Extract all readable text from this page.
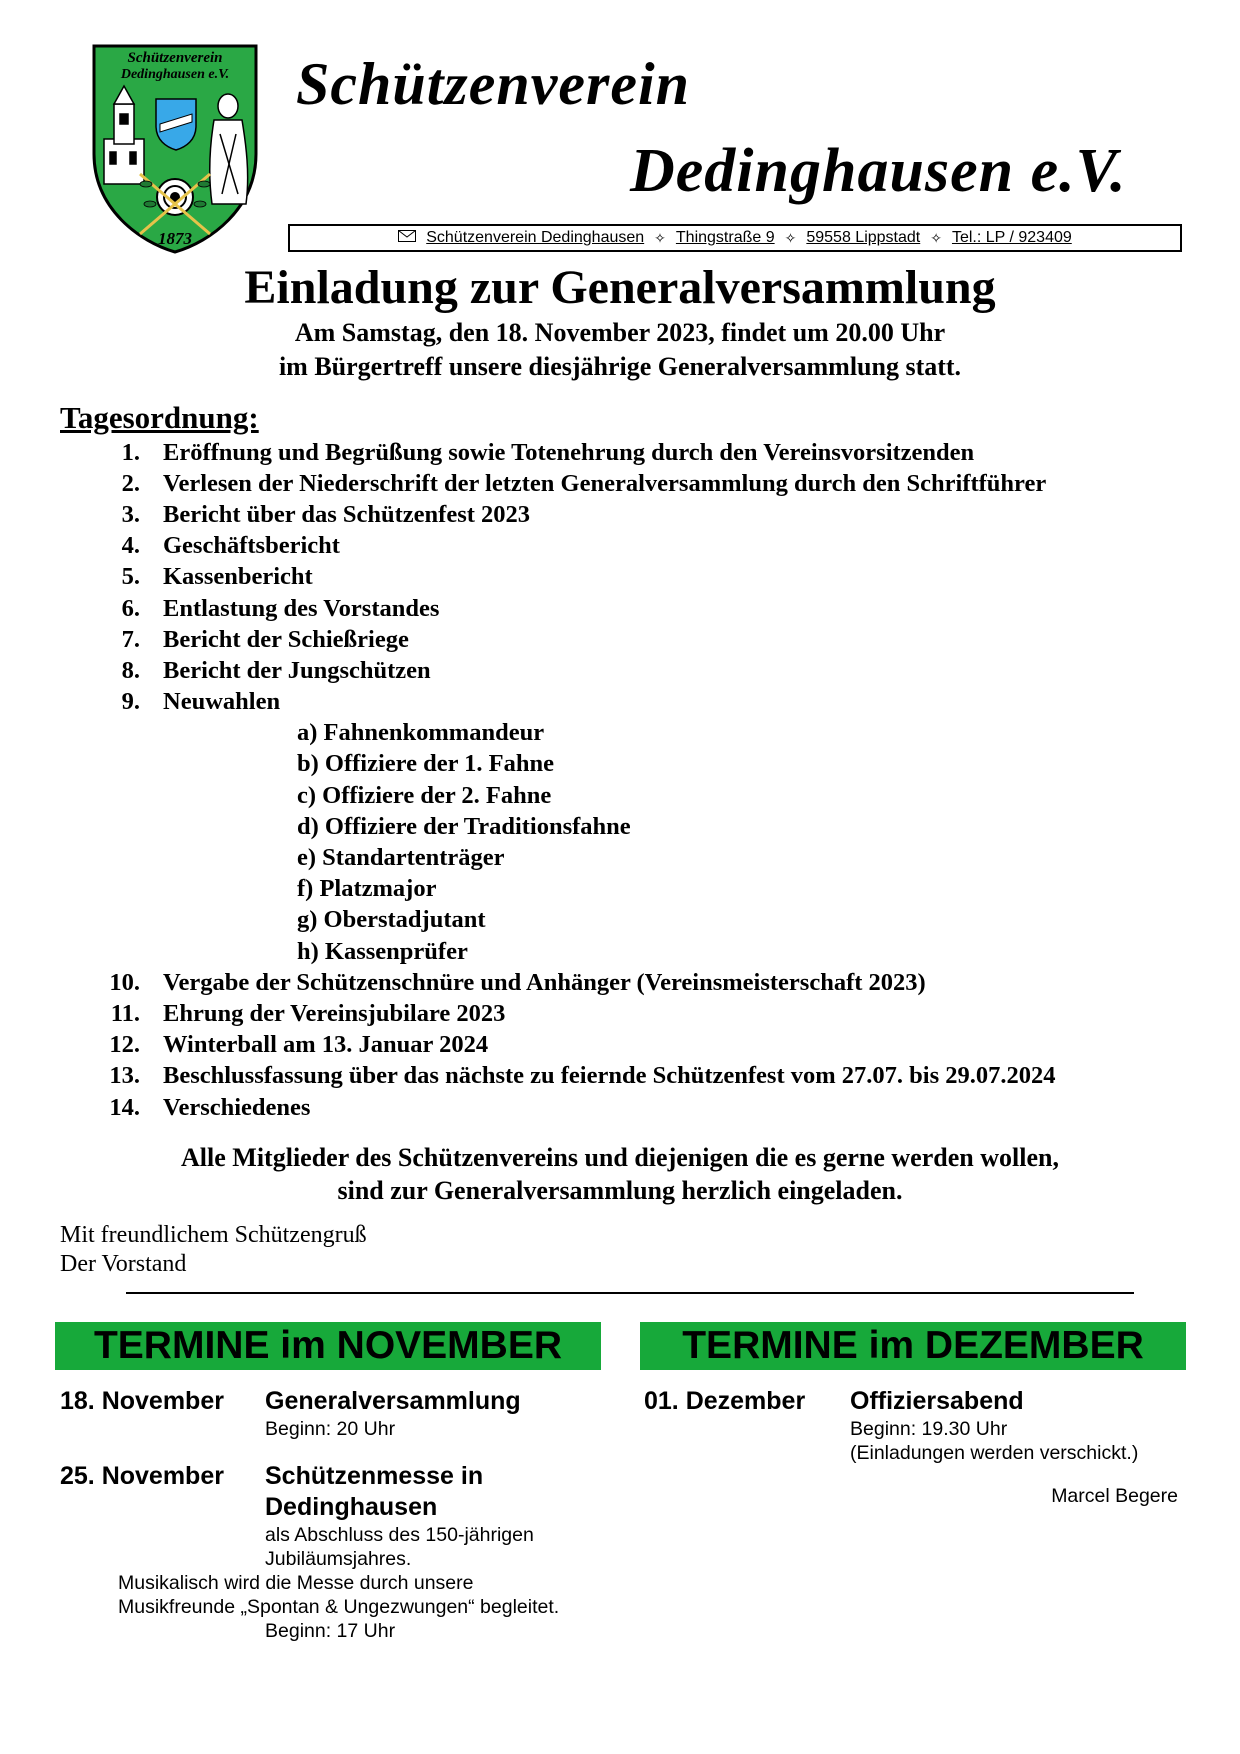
Schützenverein
Dedinghausen e.V.
1873
Schützenverein
Dedinghausen e.V.
Schützenverein Dedinghausen ✧ Thingstraße 9 ✧ 59558 Lippstadt ✧ Tel.: LP / 923409
Einladung zur Generalversammlung
Am Samstag, den 18. November 2023, findet um 20.00 Uhr
im Bürgertreff unsere diesjährige Generalversammlung statt.
Tagesordnung:
1. Eröffnung und Begrüßung sowie Totenehrung durch den Vereinsvorsitzenden
2. Verlesen der Niederschrift der letzten Generalversammlung durch den Schriftführer
3. Bericht über das Schützenfest 2023
4. Geschäftsbericht
5. Kassenbericht
6. Entlastung des Vorstandes
7. Bericht der Schießriege
8. Bericht der Jungschützen
9. Neuwahlen
a) Fahnenkommandeur
b) Offiziere der 1. Fahne
c) Offiziere der 2. Fahne
d) Offiziere der Traditionsfahne
e) Standartenträger
f) Platzmajor
g) Oberstadjutant
h) Kassenprüfer
10. Vergabe der Schützenschnüre und Anhänger (Vereinsmeisterschaft 2023)
11. Ehrung der Vereinsjubilare 2023
12. Winterball am 13. Januar 2024
13. Beschlussfassung über das nächste zu feiernde Schützenfest vom 27.07. bis 29.07.2024
14. Verschiedenes
Alle Mitglieder des Schützenvereins und diejenigen die es gerne werden wollen,
sind zur Generalversammlung herzlich eingeladen.
Mit freundlichem Schützengruß
Der Vorstand
TERMINE im NOVEMBER
18. November Generalversammlung
Beginn: 20 Uhr
25. November Schützenmesse in
Dedinghausen
als Abschluss des 150-jährigen
Jubiläumsjahres.
Musikalisch wird die Messe durch unsere
Musikfreunde „Spontan & Ungezwungen“ begleitet.
Beginn: 17 Uhr
TERMINE im DEZEMBER
01. Dezember Offiziersabend
Beginn: 19.30 Uhr
(Einladungen werden verschickt.)
Marcel Begere
